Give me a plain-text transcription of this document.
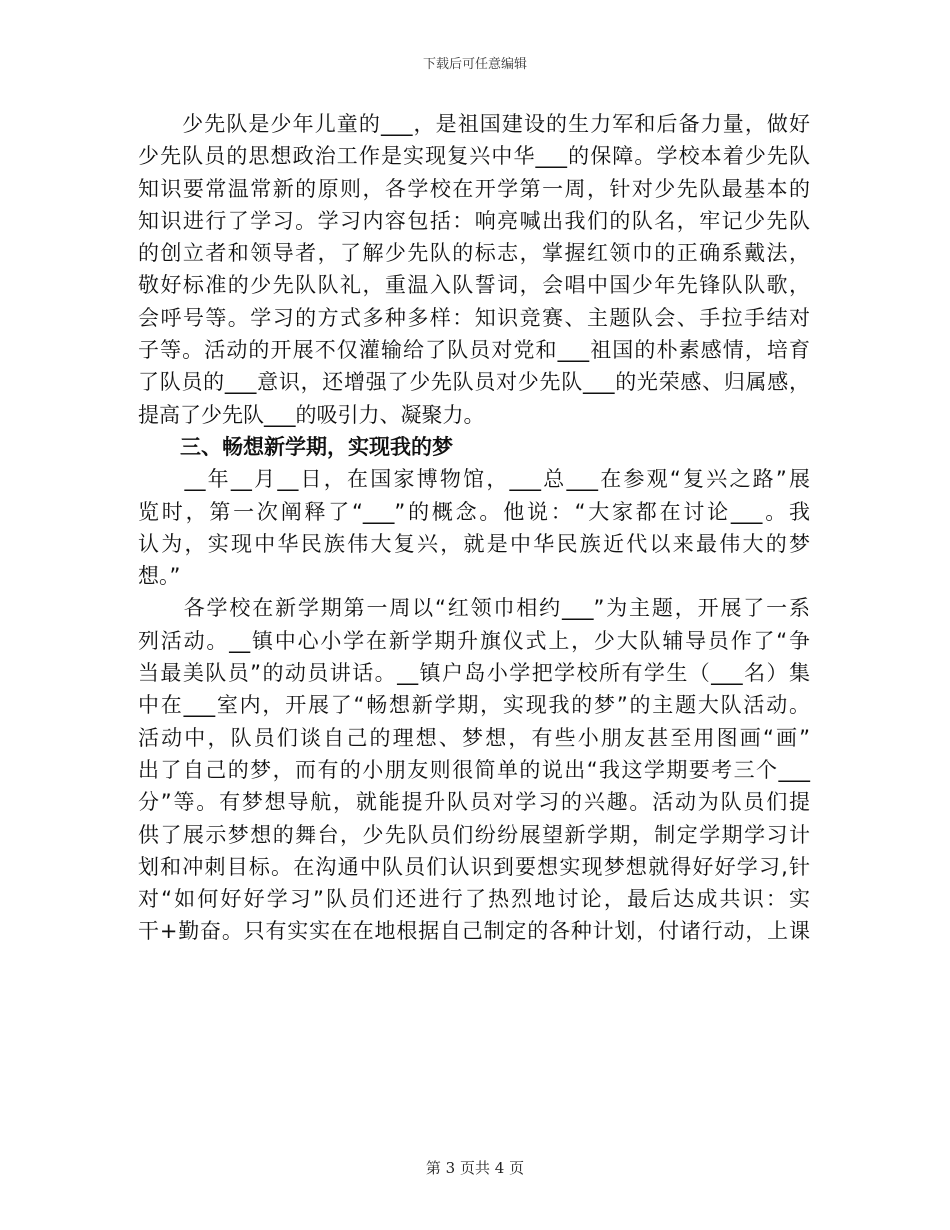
下载后可任意编辑
　　少先队是少年儿童的___，是祖国建设的生力军和后备力量，做好
少先队员的思想政治工作是实现复兴中华___的保障。学校本着少先队
知识要常温常新的原则，各学校在开学第一周，针对少先队最基本的
知识进行了学习。学习内容包括：响亮喊出我们的队名，牢记少先队
的创立者和领导者，了解少先队的标志，掌握红领巾的正确系戴法，
敬好标准的少先队队礼，重温入队誓词，会唱中国少年先锋队队歌，
会呼号等。学习的方式多种多样：知识竞赛、主题队会、手拉手结对
子等。活动的开展不仅灌输给了队员对党和___祖国的朴素感情，培育
了队员的___意识，还增强了少先队员对少先队___的光荣感、归属感，
提高了少先队___的吸引力、凝聚力。
　　三、畅想新学期，实现我的梦
　　__年__月__日，在国家博物馆，___总___在参观“复兴之路”展
览时，第一次阐释了“___”的概念。他说：“大家都在讨论___。我
认为，实现中华民族伟大复兴，就是中华民族近代以来最伟大的梦
想。”
　　各学校在新学期第一周以“红领巾相约___”为主题，开展了一系
列活动。__镇中心小学在新学期升旗仪式上，少大队辅导员作了“争
当最美队员”的动员讲话。__镇户岛小学把学校所有学生（___名）集
中在___室内，开展了“畅想新学期，实现我的梦”的主题大队活动。
活动中，队员们谈自己的理想、梦想，有些小朋友甚至用图画“画”
出了自己的梦，而有的小朋友则很简单的说出“我这学期要考三个___
分”等。有梦想导航，就能提升队员对学习的兴趣。活动为队员们提
供了展示梦想的舞台，少先队员们纷纷展望新学期，制定学期学习计
划和冲刺目标。在沟通中队员们认识到要想实现梦想就得好好学习,针
对“如何好好学习”队员们还进行了热烈地讨论，最后达成共识：实
干+勤奋。只有实实在在地根据自己制定的各种计划，付诸行动，上课
第 3 页共 4 页
